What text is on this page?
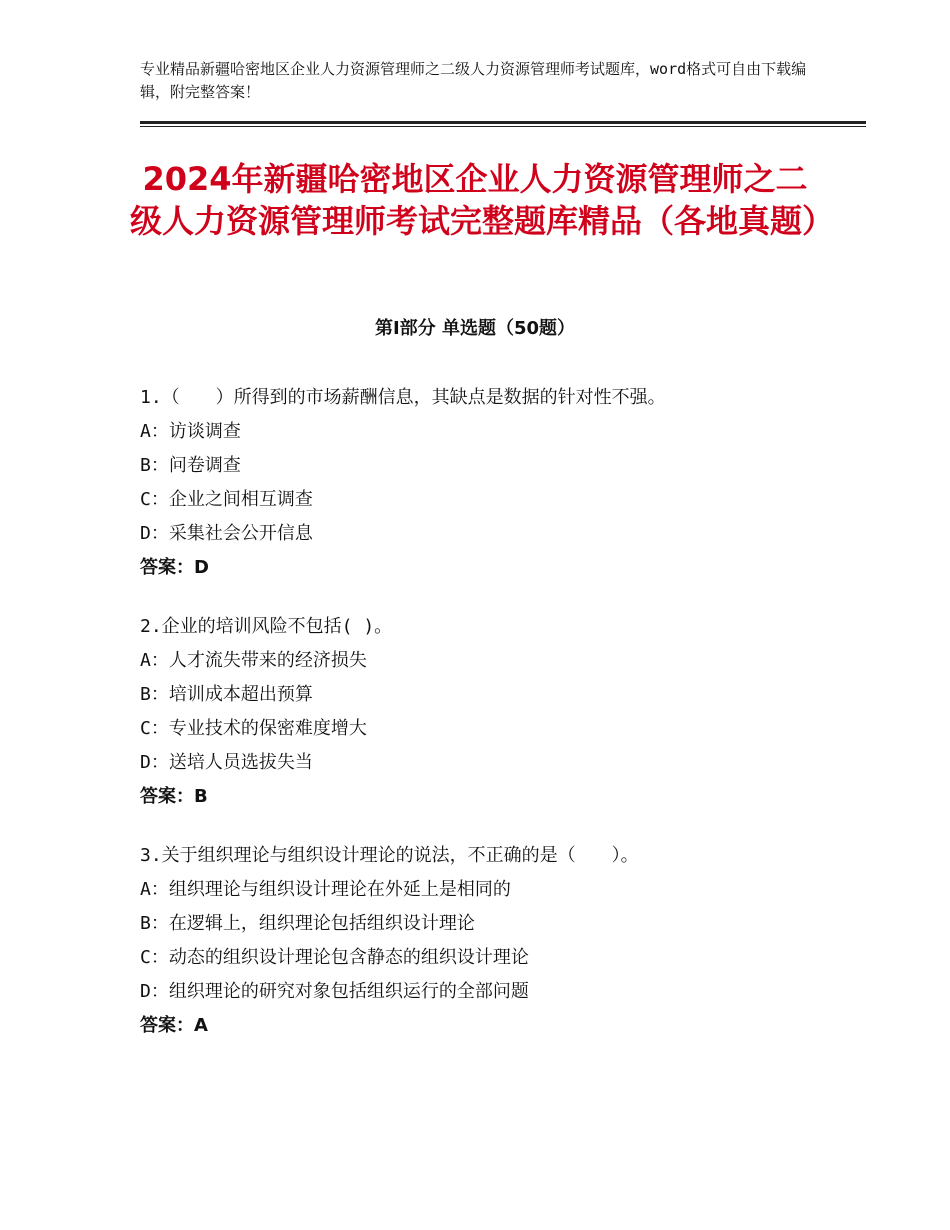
专业精品新疆哈密地区企业人力资源管理师之二级人力资源管理师考试题库，word格式可自由下载编辑，附完整答案！
2024年新疆哈密地区企业人力资源管理师之二级人力资源管理师考试完整题库精品（各地真题）
第Ⅰ部分 单选题（50题）
1.（　　）所得到的市场薪酬信息，其缺点是数据的针对性不强。
A：访谈调查
B：问卷调查
C：企业之间相互调查
D：采集社会公开信息
答案：D
2.企业的培训风险不包括( )。
A：人才流失带来的经济损失
B：培训成本超出预算
C：专业技术的保密难度增大
D：送培人员选拔失当
答案：B
3.关于组织理论与组织设计理论的说法，不正确的是（　　）。
A：组织理论与组织设计理论在外延上是相同的
B：在逻辑上，组织理论包括组织设计理论
C：动态的组织设计理论包含静态的组织设计理论
D：组织理论的研究对象包括组织运行的全部问题
答案：A
